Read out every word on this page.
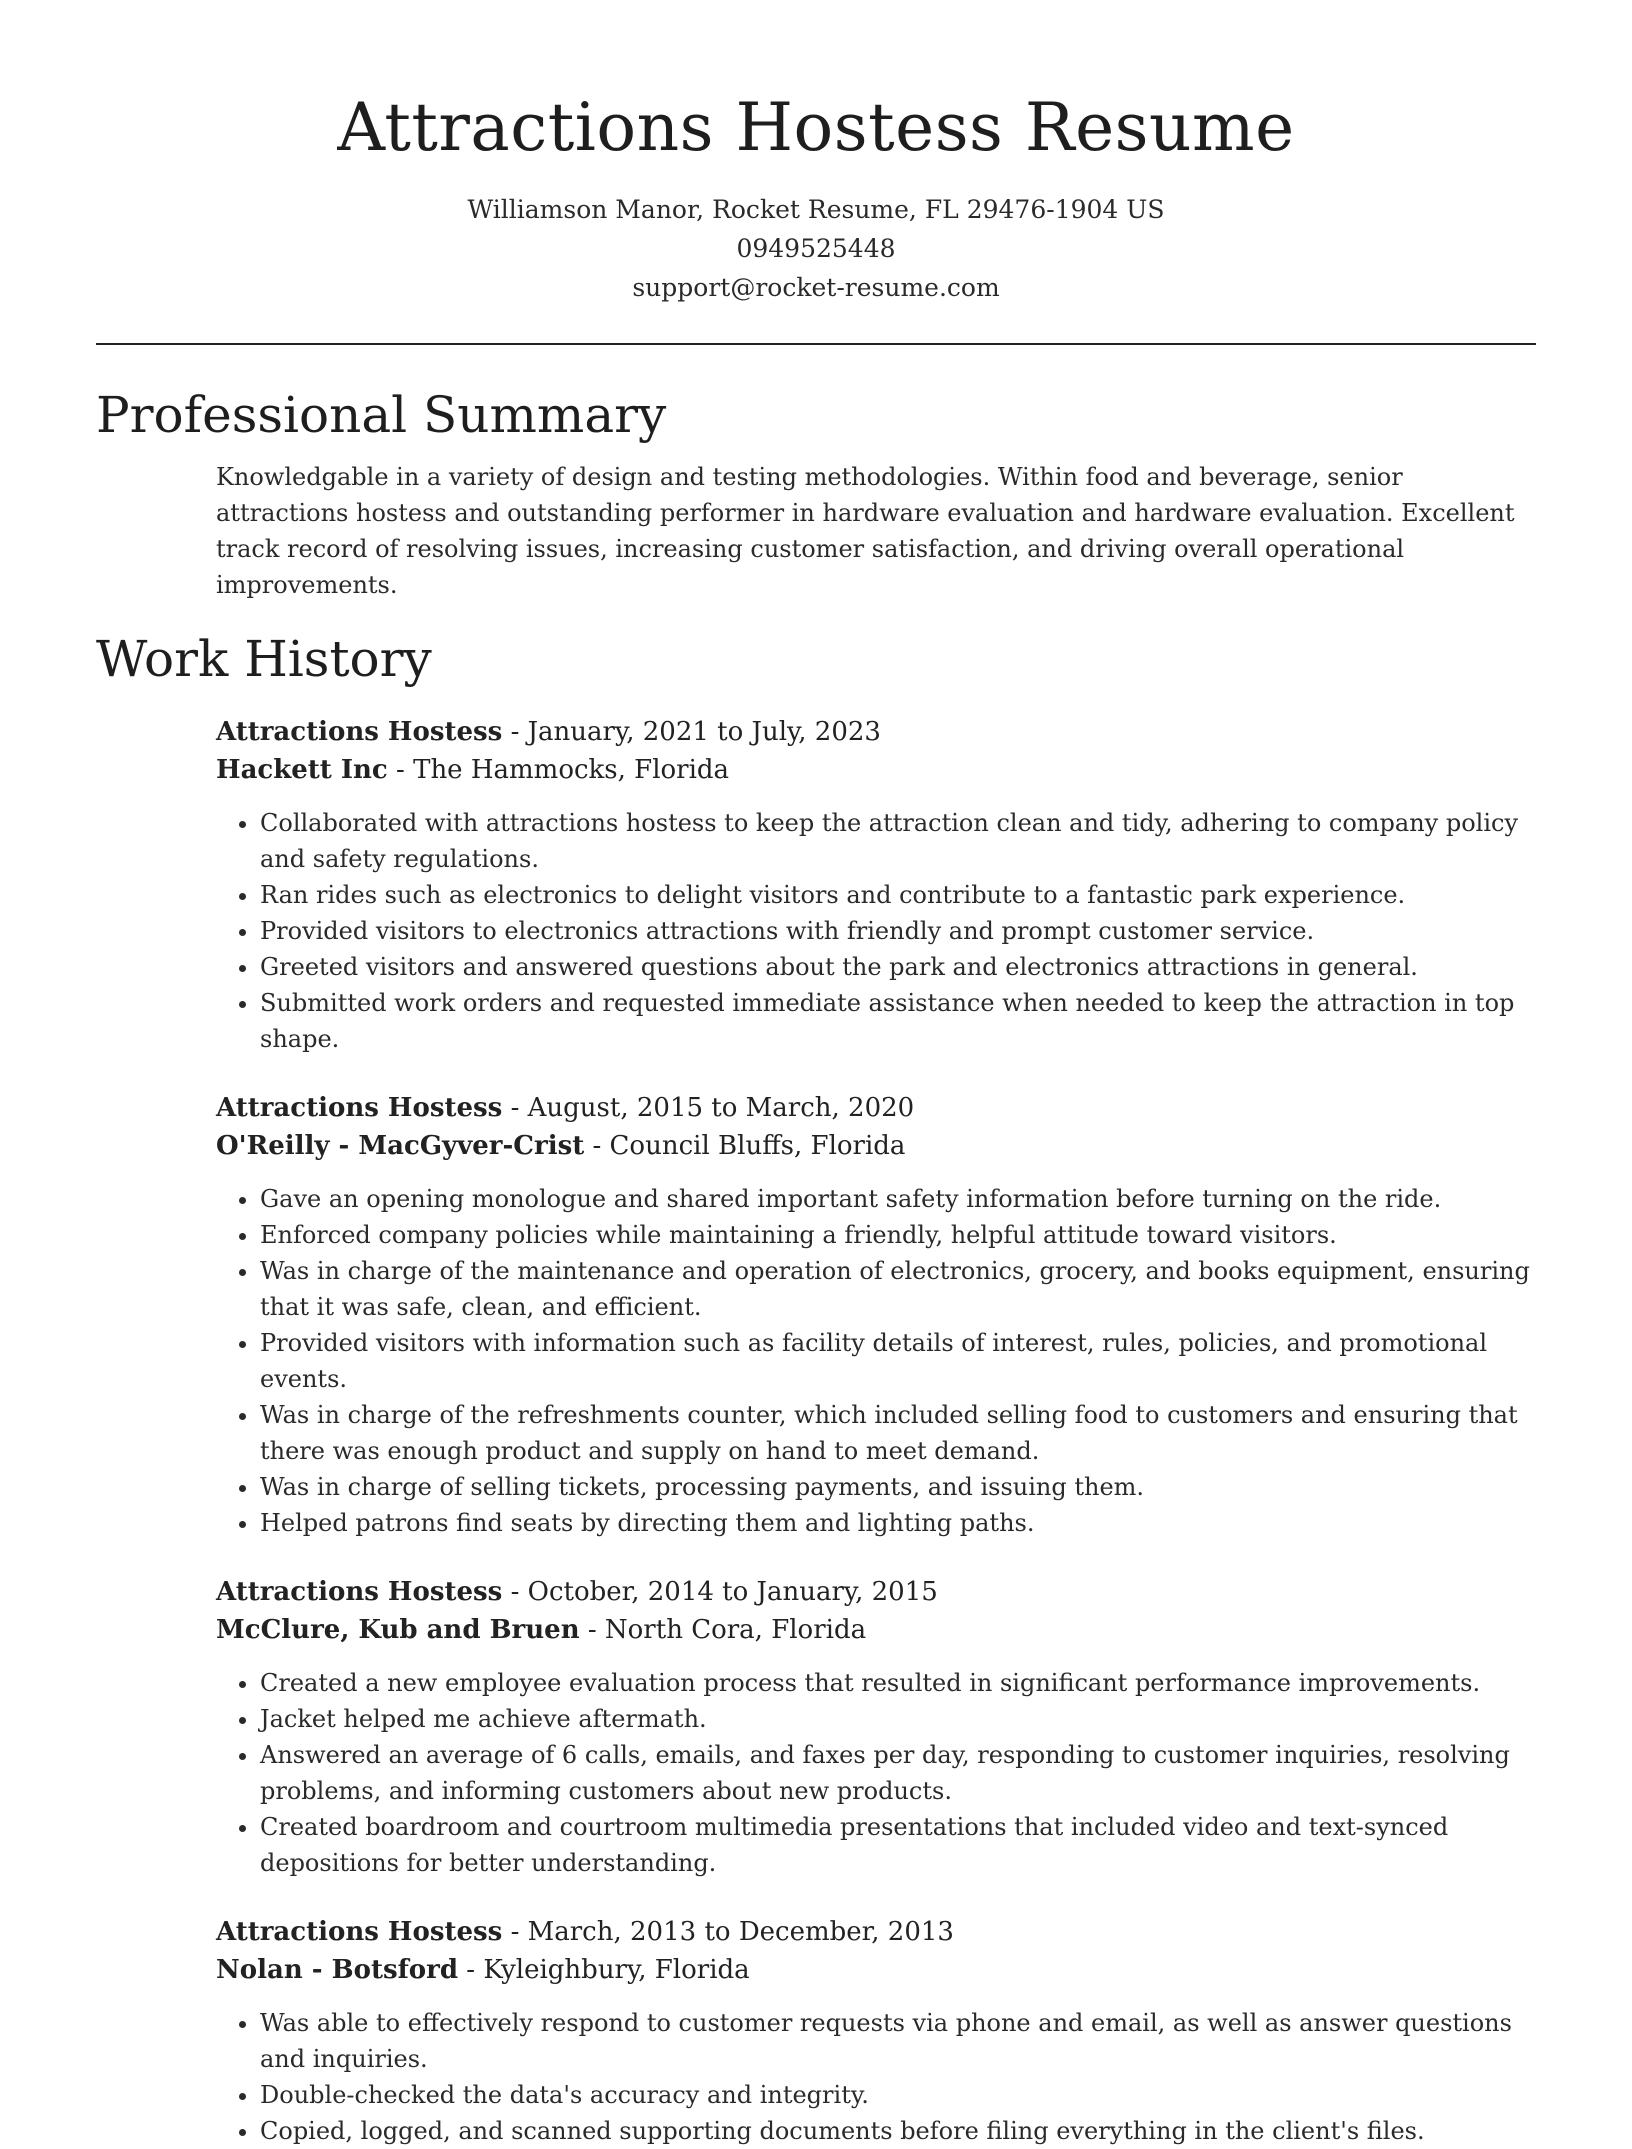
Attractions Hostess Resume
Williamson Manor, Rocket Resume, FL 29476-1904 US
0949525448
support@rocket-resume.com
Professional Summary

Knowledgable in a variety of design and testing methodologies. Within food and beverage, senior attractions hostess and outstanding performer in hardware evaluation and hardware evaluation. Excellent track record of resolving issues, increasing customer satisfaction, and driving overall operational improvements.

Work History
Attractions Hostess - January, 2021 to July, 2023
Hackett Inc - The Hammocks, Florida
• Collaborated with attractions hostess to keep the attraction clean and tidy, adhering to company policy and safety regulations.
• Ran rides such as electronics to delight visitors and contribute to a fantastic park experience.
• Provided visitors to electronics attractions with friendly and prompt customer service.
• Greeted visitors and answered questions about the park and electronics attractions in general.
• Submitted work orders and requested immediate assistance when needed to keep the attraction in top shape.
Attractions Hostess - August, 2015 to March, 2020
O'Reilly - MacGyver-Crist - Council Bluffs, Florida
• Gave an opening monologue and shared important safety information before turning on the ride.
• Enforced company policies while maintaining a friendly, helpful attitude toward visitors.
• Was in charge of the maintenance and operation of electronics, grocery, and books equipment, ensuring that it was safe, clean, and efficient.
• Provided visitors with information such as facility details of interest, rules, policies, and promotional events.
• Was in charge of the refreshments counter, which included selling food to customers and ensuring that there was enough product and supply on hand to meet demand.
• Was in charge of selling tickets, processing payments, and issuing them.
• Helped patrons find seats by directing them and lighting paths.
Attractions Hostess - October, 2014 to January, 2015
McClure, Kub and Bruen - North Cora, Florida
• Created a new employee evaluation process that resulted in significant performance improvements.
• Jacket helped me achieve aftermath.
• Answered an average of 6 calls, emails, and faxes per day, responding to customer inquiries, resolving problems, and informing customers about new products.
• Created boardroom and courtroom multimedia presentations that included video and text-synced depositions for better understanding.
Attractions Hostess - March, 2013 to December, 2013
Nolan - Botsford - Kyleighbury, Florida
• Was able to effectively respond to customer requests via phone and email, as well as answer questions and inquiries.
• Double-checked the data's accuracy and integrity.
• Copied, logged, and scanned supporting documents before filing everything in the client's files.
